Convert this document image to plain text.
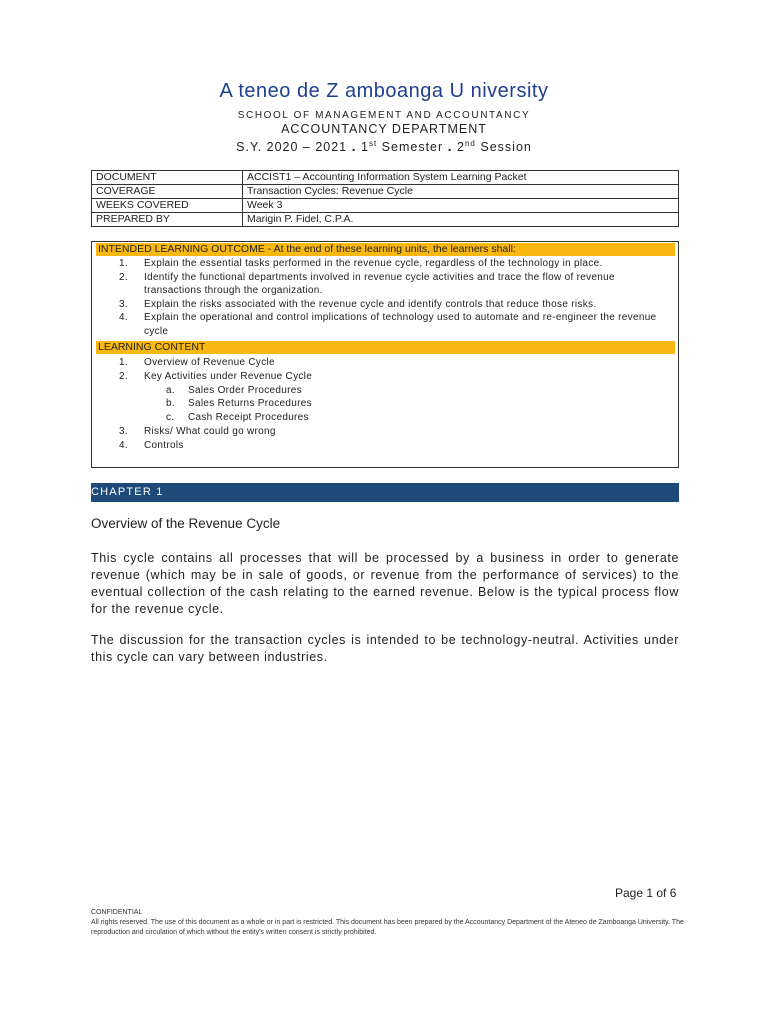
A teneo de Z amboanga U niversity
SCHOOL OF MANAGEMENT AND ACCOUNTANCY
ACCOUNTANCY DEPARTMENT
S.Y. 2020 – 2021 . 1st Semester . 2nd Session
DOCUMENT	ACCIST1 – Accounting Information System Learning Packet
COVERAGE	Transaction Cycles: Revenue Cycle
WEEKS COVERED	Week 3
PREPARED BY	Marigin P. Fidel, C.P.A.
INTENDED LEARNING OUTCOME - At the end of these learning units, the learners shall:
1. Explain the essential tasks performed in the revenue cycle, regardless of the technology in place.
2. Identify the functional departments involved in revenue cycle activities and trace the flow of revenue transactions through the organization.
3. Explain the risks associated with the revenue cycle and identify controls that reduce those risks.
4. Explain the operational and control implications of technology used to automate and re-engineer the revenue cycle
LEARNING CONTENT
1. Overview of Revenue Cycle
2. Key Activities under Revenue Cycle
a. Sales Order Procedures
b. Sales Returns Procedures
c. Cash Receipt Procedures
3. Risks/ What could go wrong
4. Controls
CHAPTER 1
Overview of the Revenue Cycle
This cycle contains all processes that will be processed by a business in order to generate revenue (which may be in sale of goods, or revenue from the performance of services) to the eventual collection of the cash relating to the earned revenue. Below is the typical process flow for the revenue cycle.
The discussion for the transaction cycles is intended to be technology-neutral. Activities under this cycle can vary between industries.
Page 1 of 6
CONFIDENTIAL
All rights reserved. The use of this document as a whole or in part is restricted. This document has been prepared by the Accountancy Department of the Ateneo de Zamboanga University. The reproduction and circulation of which without the entity's written consent is strictly prohibited.
